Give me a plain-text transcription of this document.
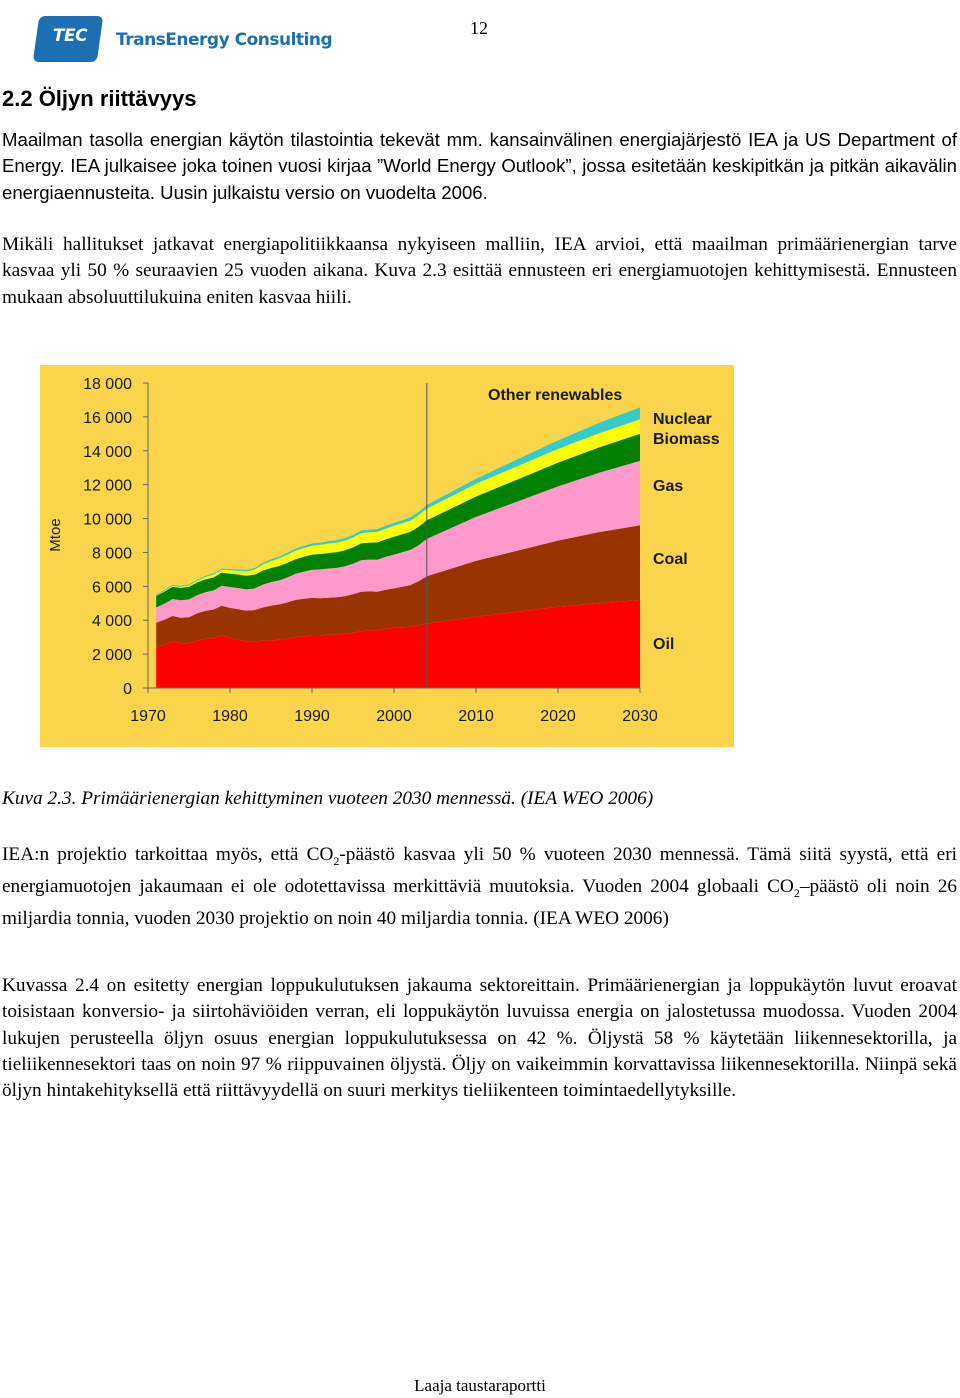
TEC	TransEnergy Consulting
12
2.2 Öljyn riittävyys

Maailman tasolla energian käytön tilastointia tekevät mm. kansainvälinen energiajärjestö IEA ja US Department of Energy. IEA julkaisee joka toinen vuosi kirjaa ”World Energy Outlook”, jossa esitetään keskipitkän ja pitkän aikavälin energiaennusteita. Uusin julkaistu versio on vuodelta 2006.

Mikäli hallitukset jatkavat energiapolitiikkaansa nykyiseen malliin, IEA arvioi, että maailman primäärienergian tarve kasvaa yli 50 % seuraavien 25 vuoden aikana. Kuva 2.3 esittää ennusteen eri energiamuotojen kehittymisestä. Ennusteen mukaan absoluuttilukuina eniten kasvaa hiili.

0
2 000
4 000
6 000
8 000
10 000
12 000
14 000
16 000
18 000
1970	1980	1990	2000	2010	2020	2030
Mtoe
Other renewables
Nuclear
Biomass
Gas
Coal
Oil

Kuva 2.3. Primäärienergian kehittyminen vuoteen 2030 mennessä. (IEA WEO 2006)

IEA:n projektio tarkoittaa myös, että $CO_2$-päästö kasvaa yli 50 % vuoteen 2030 mennessä. Tämä siitä syystä, että eri energiamuotojen jakaumaan ei ole odotettavissa merkittäviä muutoksia. Vuoden 2004 globaali $CO_2$–päästö oli noin 26 miljardia tonnia, vuoden 2030 projektio on noin 40 miljardia tonnia. (IEA WEO 2006)

Kuvassa 2.4 on esitetty energian loppukulutuksen jakauma sektoreittain. Primäärienergian ja loppukäytön luvut eroavat toisistaan konversio- ja siirtohäviöiden verran, eli loppukäytön luvuissa energia on jalostetussa muodossa. Vuoden 2004 lukujen perusteella öljyn osuus energian loppukulutuksessa on 42 %. Öljystä 58 % käytetään liikennesektorilla, ja tieliikennesektori taas on noin 97 % riippuvainen öljystä. Öljy on vaikeimmin korvattavissa liikennesektorilla. Niinpä sekä öljyn hintakehityksellä että riittävyydellä on suuri merkitys tieliikenteen toimintaedellytyksille.

Laaja taustaraportti
